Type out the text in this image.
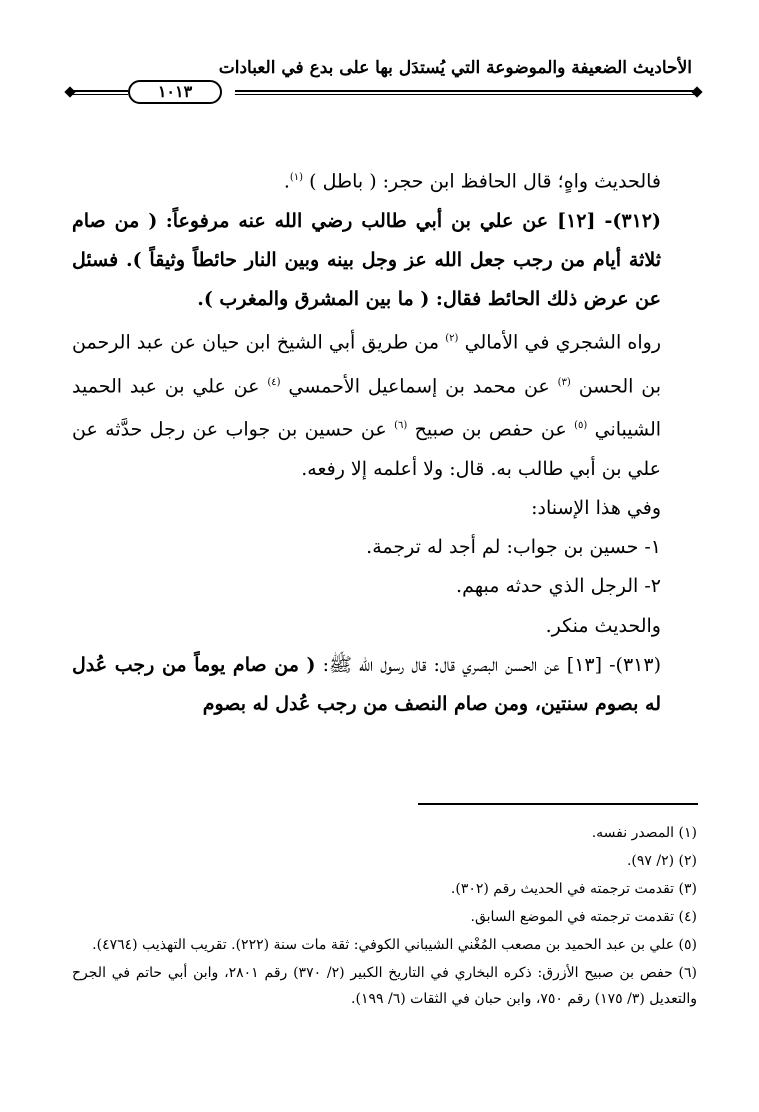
الأحاديث الضعيفة والموضوعة التي يُستدَل بها على بدع في العبادات
١٠١٣

فالحديث واهٍ؛ قال الحافظ ابن حجر: ( باطل ) $^{(١)}$.

(٣١٢)- [١٢] عن علي بن أبي طالب رضي الله عنه مرفوعاً: ( من صام ثلاثة أيام من رجب جعل الله عز وجل بينه وبين النار حائطاً وثيقاً ). فسئل عن عرض ذلك الحائط فقال: ( ما بين المشرق والمغرب ).

رواه الشجري في الأمالي $^{(٢)}$ من طريق أبي الشيخ ابن حيان عن عبد الرحمن بن الحسن $^{(٣)}$ عن محمد بن إسماعيل الأحمسي $^{(٤)}$ عن علي بن عبد الحميد الشيباني $^{(٥)}$ عن حفص بن صبيح $^{(٦)}$ عن حسين بن جواب عن رجل حدَّثه عن علي بن أبي طالب به. قال: ولا أعلمه إلا رفعه.

وفي هذا الإسناد:

١- حسين بن جواب: لم أجد له ترجمة.

٢- الرجل الذي حدثه مبهم.

والحديث منكر.

(٣١٣)- [١٣] عن الحسن البصري قال: قال رسول الله ﷺ: ( من صام يوماً من رجب عُدل له بصوم سنتين، ومن صام النصف من رجب عُدل له بصوم

(١) المصدر نفسه.

(٢) (٢/ ٩٧).

(٣) تقدمت ترجمته في الحديث رقم (٣٠٢).

(٤) تقدمت ترجمته في الموضع السابق.

(٥) علي بن عبد الحميد بن مصعب المُغْني الشيباني الكوفي: ثقة مات سنة (٢٢٢). تقريب التهذيب (٤٧٦٤).

(٦) حفص بن صبيح الأزرق: ذكره البخاري في التاريخ الكبير (٢/ ٣٧٠) رقم ٢٨٠١، وابن أبي حاتم في الجرح والتعديل (٣/ ١٧٥) رقم ٧٥٠، وابن حبان في الثقات (٦/ ١٩٩).
